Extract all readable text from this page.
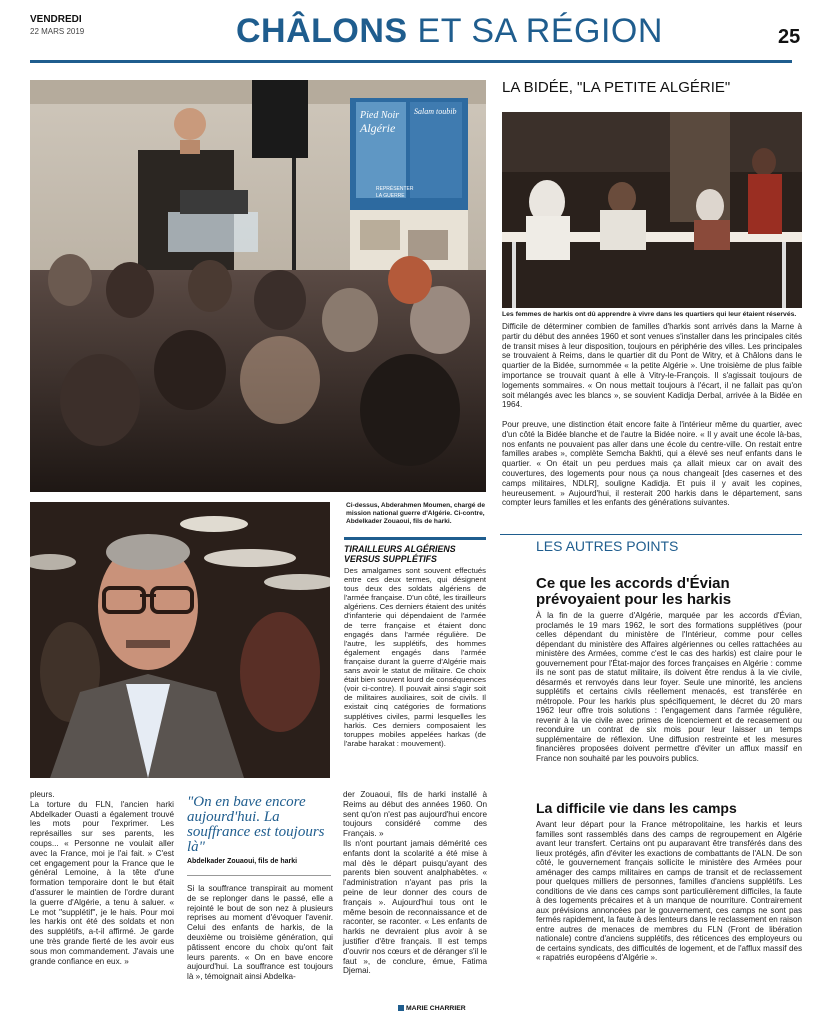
VENDREDI
22 MARS 2019	CHÂLONS ET SA RÉGION	25
Pied Noir
Algérie
Salam toubib
REPRÉSENTER
LA GUERRE
LA BIDÉE, "LA PETITE ALGÉRIE"
Les femmes de harkis ont dû apprendre à vivre dans les quartiers qui leur étaient réservés.
Difficile de déterminer combien de familles d'harkis sont arrivés dans la Marne à partir du début des années 1960 et sont venues s'installer dans les principales cités de transit mises à leur disposition, toujours en périphérie des villes. Les principales se trouvaient à Reims, dans le quartier dit du Pont de Witry, et à Châlons dans le quartier de la Bidée, surnommée « la petite Algérie ». Une troisième de plus faible importance se trouvait quant à elle à Vitry-le-François. Il s'agissait toujours de logements sommaires. « On nous mettait toujours à l'écart, il ne fallait pas qu'on soit mélangés avec les blancs », se souvient Kadidja Derbal, arrivée à la Bidée en 1964.
Pour preuve, une distinction était encore faite à l'intérieur même du quartier, avec d'un côté la Bidée blanche et de l'autre la Bidée noire. « Il y avait une école là-bas, nos enfants ne pouvaient pas aller dans une école du centre-ville. On restait entre familles arabes », complète Semcha Bakhti, qui a élevé ses neuf enfants dans le quartier. « On était un peu perdues mais ça allait mieux car on avait des couvertures, des logements pour nous ça nous changeait [des casernes et des camps militaires, NDLR], souligne Kadidja. Et puis il y avait les copines, heureusement. » Aujourd'hui, il resterait 200 harkis dans le département, sans compter leurs familles et les enfants des générations suivantes.
Ci-dessus, Abderahmen Moumen, chargé de mission national guerre d'Algérie. Ci-contre, Abdelkader Zouaoui, fils de harki.
TIRAILLEURS ALGÉRIENS VERSUS SUPPLÉTIFS
Des amalgames sont souvent effectués entre ces deux termes, qui désignent tous deux des soldats algériens de l'armée française. D'un côté, les tirailleurs algériens. Ces derniers étaient des unités d'infanterie qui dépendaient de l'armée de terre française et étaient donc engagés dans l'armée régulière. De l'autre, les supplétifs, des hommes également engagés dans l'armée française durant la guerre d'Algérie mais sans avoir le statut de militaire. Ce choix était bien souvent lourd de conséquences (voir ci-contre). Il pouvait ainsi s'agir soit de militaires auxiliaires, soit de civils. Il existait cinq catégories de formations supplétives civiles, parmi lesquelles les harkis. Ces derniers composaient les toruppes mobiles appelées harkas (de l'arabe harakat : mouvement).
pleurs.
La torture du FLN, l'ancien harki Abdelkader Ouasti a également trouvé les mots pour l'exprimer. Les représailles sur ses parents, les coups... « Personne ne voulait aller avec la France, moi je l'ai fait. » C'est cet engagement pour la France que le général Lemoine, à la tête d'une formation temporaire dont le but était d'assurer le maintien de l'ordre durant la guerre d'Algérie, a tenu à saluer. « Le mot "supplétif", je le hais. Pour moi les harkis ont été des soldats et non des supplétifs, a-t-il affirmé. Je garde une très grande fierté de les avoir eus sous mon commandement. J'avais une grande confiance en eux. »
"On en bave encore aujourd'hui. La souffrance est toujours là"
Abdelkader Zouaoui, fils de harki
Si la souffrance transpirait au moment de se replonger dans le passé, elle a rejointé le bout de son nez à plusieurs reprises au moment d'évoquer l'avenir. Celui des enfants de harkis, de la deuxième ou troisième génération, qui pâtissent encore du choix qu'ont fait leurs parents. « On en bave encore aujourd'hui. La souffrance est toujours là », témoignait ainsi Abdelka-
der Zouaoui, fils de harki installé à Reims au début des années 1960. On sent qu'on n'est pas aujourd'hui encore toujours considéré comme des Français. »
Ils n'ont pourtant jamais démérité ces enfants dont la scolarité a été mise à mal dès le départ puisqu'ayant des parents bien souvent analphabètes. « l'administration n'ayant pas pris la peine de leur donner des cours de français ». Aujourd'hui tous ont le même besoin de reconnaissance et de raconter, se raconter. « Les enfants de harkis ne devraient plus avoir à se justifier d'être français. Il est temps d'ouvrir nos cœurs et de déranger s'il le faut », de conclure, émue, Fatima Djemai.
MARIE CHARRIER
LES AUTRES POINTS
Ce que les accords d'Évian prévoyaient pour les harkis
À la fin de la guerre d'Algérie, marquée par les accords d'Évian, proclamés le 19 mars 1962, le sort des formations supplétives (pour celles dépendant du ministère de l'Intérieur, comme pour celles dépendant du ministère des Affaires algériennes ou celles rattachées au ministère des Armées, comme c'est le cas des harkis) est claire pour le gouvernement pour l'État-major des forces françaises en Algérie : comme ils ne sont pas de statut militaire, ils doivent être rendus à la vie civile, désarmés et renvoyés dans leur foyer. Seule une minorité, les anciens supplétifs et certains civils réellement menacés, est transférée en métropole. Pour les harkis plus spécifiquement, le décret du 20 mars 1962 leur offre trois solutions : l'engagement dans l'armée régulière, revenir à la vie civile avec primes de licenciement et de recasement ou reconduire un contrat de six mois pour leur laisser un temps supplémentaire de réflexion. Une diffusion restreinte et les mesures financières proposées doivent permettre d'éviter un afflux massif en France non souhaité par les pouvoirs publics.
La difficile vie dans les camps
Avant leur départ pour la France métropolitaine, les harkis et leurs familles sont rassemblés dans des camps de regroupement en Algérie avant leur transfert. Certains ont pu auparavant être transférés dans des lieux protégés, afin d'éviter les exactions de combattants de l'ALN. De son côté, le gouvernement français sollicite le ministère des Armées pour aménager des camps militaires en camps de transit et de reclassement pour quelques milliers de personnes, familles d'anciens supplétifs. Les conditions de vie dans ces camps sont particulièrement difficiles, la faute à des logements précaires et à un manque de nourriture. Contrairement aux prévisions annoncées par le gouvernement, ces camps ne sont pas fermés rapidement, la faute à des lenteurs dans le reclassement en raison entre autres de menaces de membres du FLN (Front de libération nationale) contre d'anciens supplétifs, des réticences des employeurs ou de certains syndicats, des difficultés de logement, et de l'afflux massif des « rapatriés européens d'Algérie ».
